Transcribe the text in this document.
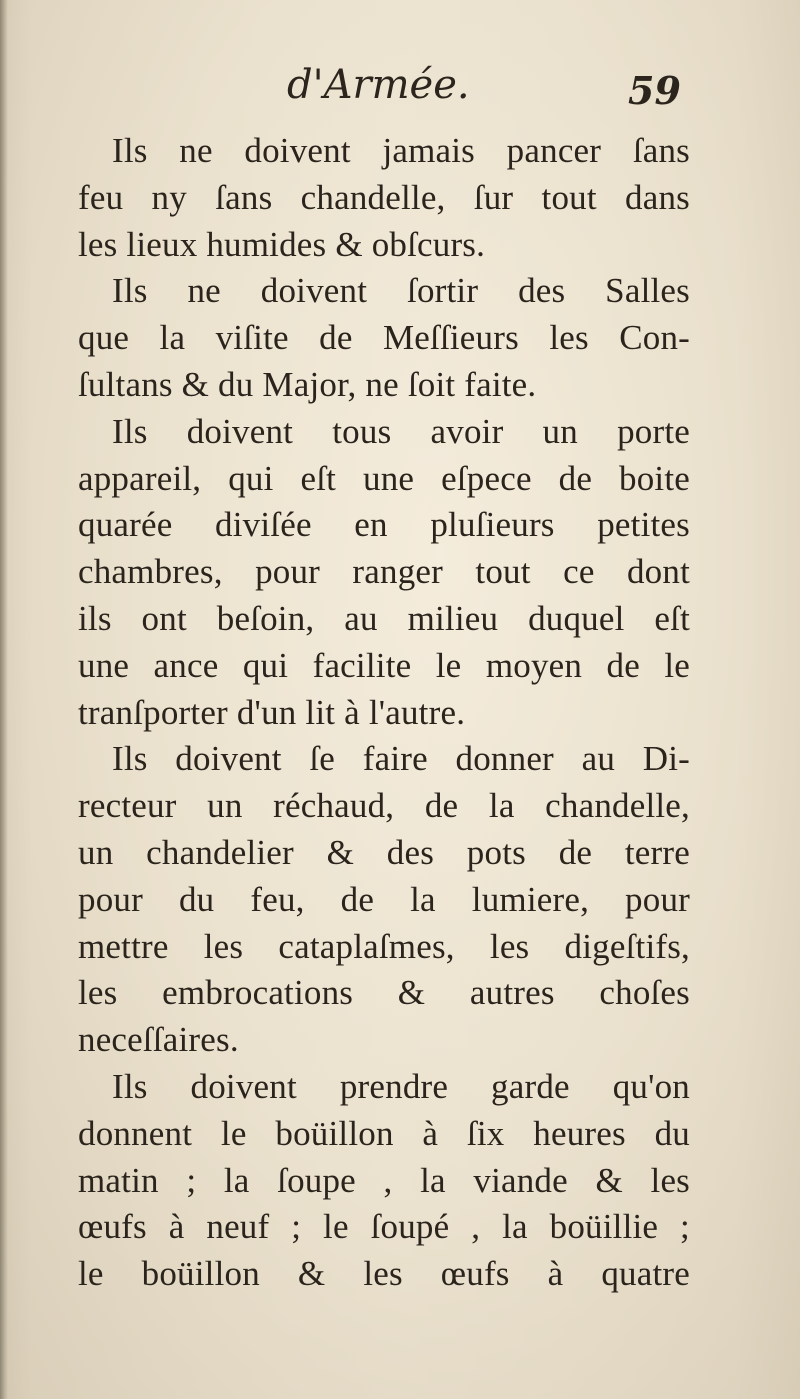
d'Armée.	59
Ils ne doivent jamais pancer ſans
feu ny ſans chandelle, ſur tout dans
les lieux humides & obſcurs.
Ils ne doivent ſortir des Salles
que la viſite de Meſſieurs les Con-
ſultans & du Major, ne ſoit faite.
Ils doivent tous avoir un porte
appareil, qui eſt une eſpece de boite
quarée diviſée en pluſieurs petites
chambres, pour ranger tout ce dont
ils ont beſoin, au milieu duquel eſt
une ance qui facilite le moyen de le
tranſporter d'un lit à l'autre.
Ils doivent ſe faire donner au Di-
recteur un réchaud, de la chandelle,
un chandelier & des pots de terre
pour du feu, de la lumiere, pour
mettre les cataplaſmes, les digeſtifs,
les embrocations & autres choſes
neceſſaires.
Ils doivent prendre garde qu'on
donnent le boüillon à ſix heures du
matin ; la ſoupe , la viande & les
œufs à neuf ; le ſoupé , la boüillie ;
le boüillon & les œufs à quatre
